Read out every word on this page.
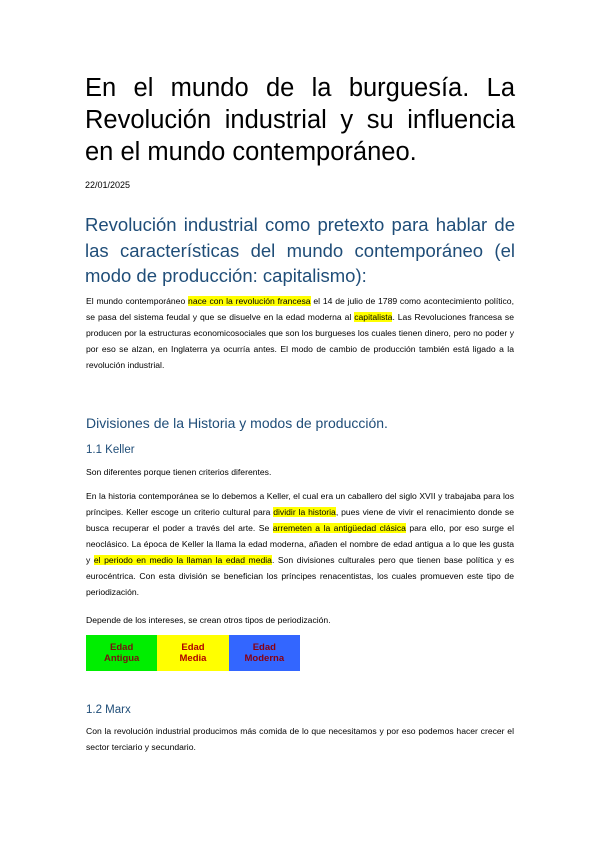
En el mundo de la burguesía. La Revolución industrial y su influencia en el mundo contemporáneo.
22/01/2025
Revolución industrial como pretexto para hablar de las características del mundo contemporáneo (el modo de producción: capitalismo):
El mundo contemporáneo nace con la revolución francesa el 14 de julio de 1789 como acontecimiento político, se pasa del sistema feudal y que se disuelve en la edad moderna al capitalista. Las Revoluciones francesa se producen por la estructuras economicosociales que son los burgueses los cuales tienen dinero, pero no poder y por eso se alzan, en Inglaterra ya ocurría antes. El modo de cambio de producción también está ligado a la revolución industrial.
Divisiones de la Historia y modos de producción.
1.1 Keller
Son diferentes porque tienen criterios diferentes.
En la historia contemporánea se lo debemos a Keller, el cual era un caballero del siglo XVII y trabajaba para los príncipes. Keller escoge un criterio cultural para dividir la historia, pues viene de vivir el renacimiento donde se busca recuperar el poder a través del arte. Se arremeten a la antigüedad clásica para ello, por eso surge el neoclásico. La época de Keller la llama la edad moderna, añaden el nombre de edad antigua a lo que les gusta y el periodo en medio la llaman la edad media. Son divisiones culturales pero que tienen base política y es eurocéntrica. Con esta división se benefician los príncipes renacentistas, los cuales promueven este tipo de periodización.
Depende de los intereses, se crean otros tipos de periodización.
Edad
Antigua
Edad
Media
Edad
Moderna
1.2 Marx
Con la revolución industrial producimos más comida de lo que necesitamos y por eso podemos hacer crecer el sector terciario y secundario.
